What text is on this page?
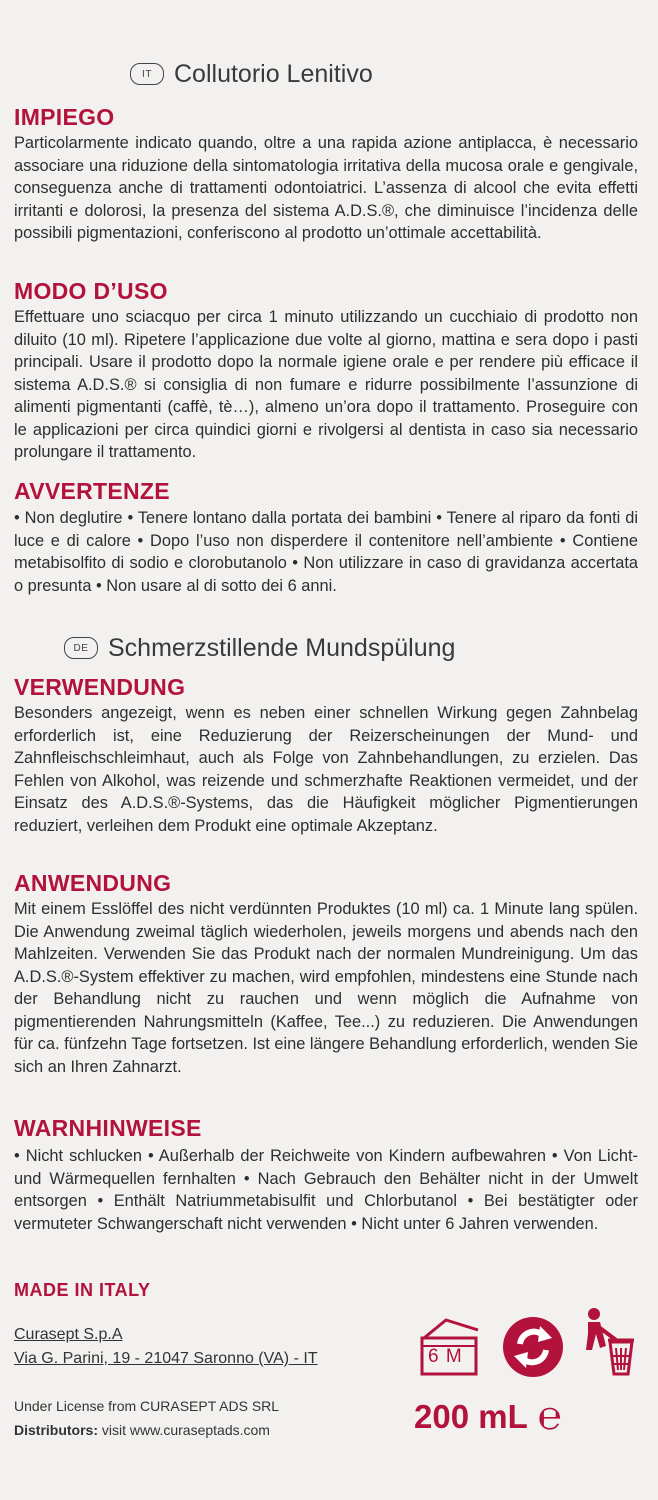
IT Collutorio Lenitivo
IMPIEGO
Particolarmente indicato quando, oltre a una rapida azione antiplacca, è necessario associare una riduzione della sintomatologia irritativa della mucosa orale e gengivale, conseguenza anche di trattamenti odontoiatrici. L’assenza di alcool che evita effetti irritanti e dolorosi, la presenza del sistema A.D.S.®, che diminuisce l’incidenza delle possibili pigmentazioni, conferiscono al prodotto un’ottimale accettabilità.
MODO D’USO
Effettuare uno sciacquo per circa 1 minuto utilizzando un cucchiaio di prodotto non diluito (10 ml). Ripetere l’applicazione due volte al giorno, mattina e sera dopo i pasti principali. Usare il prodotto dopo la normale igiene orale e per rendere più efficace il sistema A.D.S.® si consiglia di non fumare e ridurre possibilmente l’assunzione di alimenti pigmentanti (caffè, tè…), almeno un’ora dopo il trattamento. Proseguire con le applicazioni per circa quindici giorni e rivolgersi al dentista in caso sia necessario prolungare il trattamento.
AVVERTENZE
• Non deglutire • Tenere lontano dalla portata dei bambini • Tenere al riparo da fonti di luce e di calore • Dopo l’uso non disperdere il contenitore nell’ambiente • Contiene metabisolfito di sodio e clorobutanolo • Non utilizzare in caso di gravidanza accertata o presunta • Non usare al di sotto dei 6 anni.
DE Schmerzstillende Mundspülung
VERWENDUNG
Besonders angezeigt, wenn es neben einer schnellen Wirkung gegen Zahnbelag erforderlich ist, eine Reduzierung der Reizerscheinungen der Mund- und Zahnfleischschleimhaut, auch als Folge von Zahnbehandlungen, zu erzielen. Das Fehlen von Alkohol, was reizende und schmerzhafte Reaktionen vermeidet, und der Einsatz des A.D.S.®-Systems, das die Häufigkeit möglicher Pigmentierungen reduziert, verleihen dem Produkt eine optimale Akzeptanz.
ANWENDUNG
Mit einem Esslöffel des nicht verdünnten Produktes (10 ml) ca. 1 Minute lang spülen. Die Anwendung zweimal täglich wiederholen, jeweils morgens und abends nach den Mahlzeiten. Verwenden Sie das Produkt nach der normalen Mundreinigung. Um das A.D.S.®-System effektiver zu machen, wird empfohlen, mindestens eine Stunde nach der Behandlung nicht zu rauchen und wenn möglich die Aufnahme von pigmentierenden Nahrungsmitteln (Kaffee, Tee...) zu reduzieren. Die Anwendungen für ca. fünfzehn Tage fortsetzen. Ist eine längere Behandlung erforderlich, wenden Sie sich an Ihren Zahnarzt.
WARNHINWEISE
• Nicht schlucken • Außerhalb der Reichweite von Kindern aufbewahren • Von Licht- und Wärmequellen fernhalten • Nach Gebrauch den Behälter nicht in der Umwelt entsorgen • Enthält Natriummetabisulfit und Chlorbutanol • Bei bestätigter oder vermuteter Schwangerschaft nicht verwenden • Nicht unter 6 Jahren verwenden.
MADE IN ITALY
Curasept S.p.A
Via G. Parini, 19 - 21047 Saronno (VA) - IT
Under License from CURASEPT ADS SRL
Distributors: visit www.curaseptads.com
6 M
200 mL ℮
